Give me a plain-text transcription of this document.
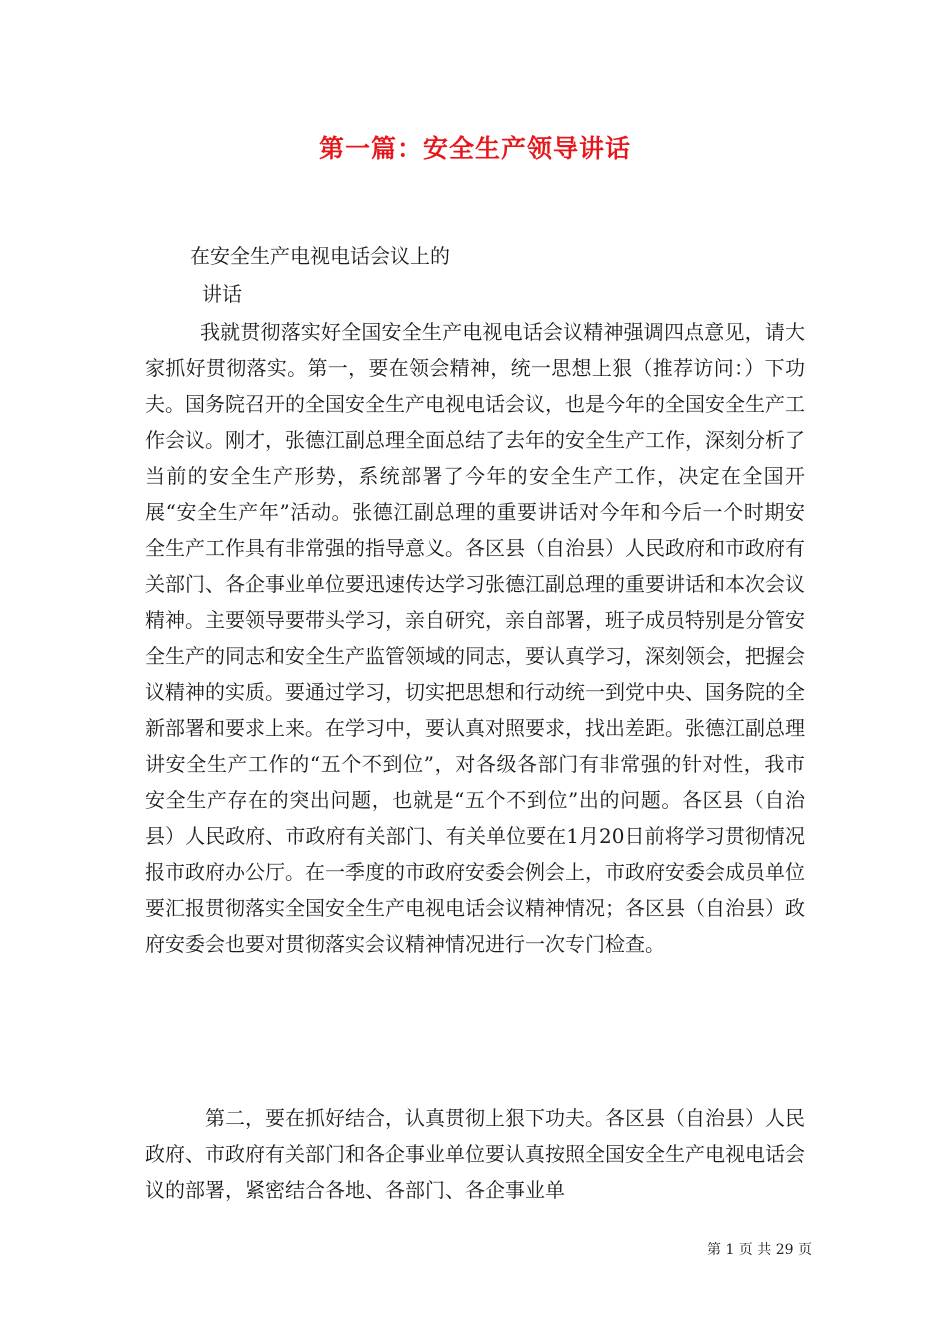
第一篇：安全生产领导讲话
在安全生产电视电话会议上的
讲话
我就贯彻落实好全国安全生产电视电话会议精神强调四点意见，请大家抓好贯彻落实。第一，要在领会精神，统一思想上狠（推荐访问：）下功夫。国务院召开的全国安全生产电视电话会议，也是今年的全国安全生产工作会议。刚才，张德江副总理全面总结了去年的安全生产工作，深刻分析了当前的安全生产形势，系统部署了今年的安全生产工作，决定在全国开展“安全生产年”活动。张德江副总理的重要讲话对今年和今后一个时期安全生产工作具有非常强的指导意义。各区县（自治县）人民政府和市政府有关部门、各企事业单位要迅速传达学习张德江副总理的重要讲话和本次会议精神。主要领导要带头学习，亲自研究，亲自部署，班子成员特别是分管安全生产的同志和安全生产监管领域的同志，要认真学习，深刻领会，把握会议精神的实质。要通过学习，切实把思想和行动统一到党中央、国务院的全新部署和要求上来。在学习中，要认真对照要求，找出差距。张德江副总理讲安全生产工作的“五个不到位”，对各级各部门有非常强的针对性，我市安全生产存在的突出问题，也就是“五个不到位”出的问题。各区县（自治县）人民政府、市政府有关部门、有关单位要在1月20日前将学习贯彻情况报市政府办公厅。在一季度的市政府安委会例会上，市政府安委会成员单位要汇报贯彻落实全国安全生产电视电话会议精神情况；各区县（自治县）政府安委会也要对贯彻落实会议精神情况进行一次专门检查。
第二，要在抓好结合，认真贯彻上狠下功夫。各区县（自治县）人民政府、市政府有关部门和各企事业单位要认真按照全国安全生产电视电话会议的部署，紧密结合各地、各部门、各企事业单
第 1 页 共 29 页
